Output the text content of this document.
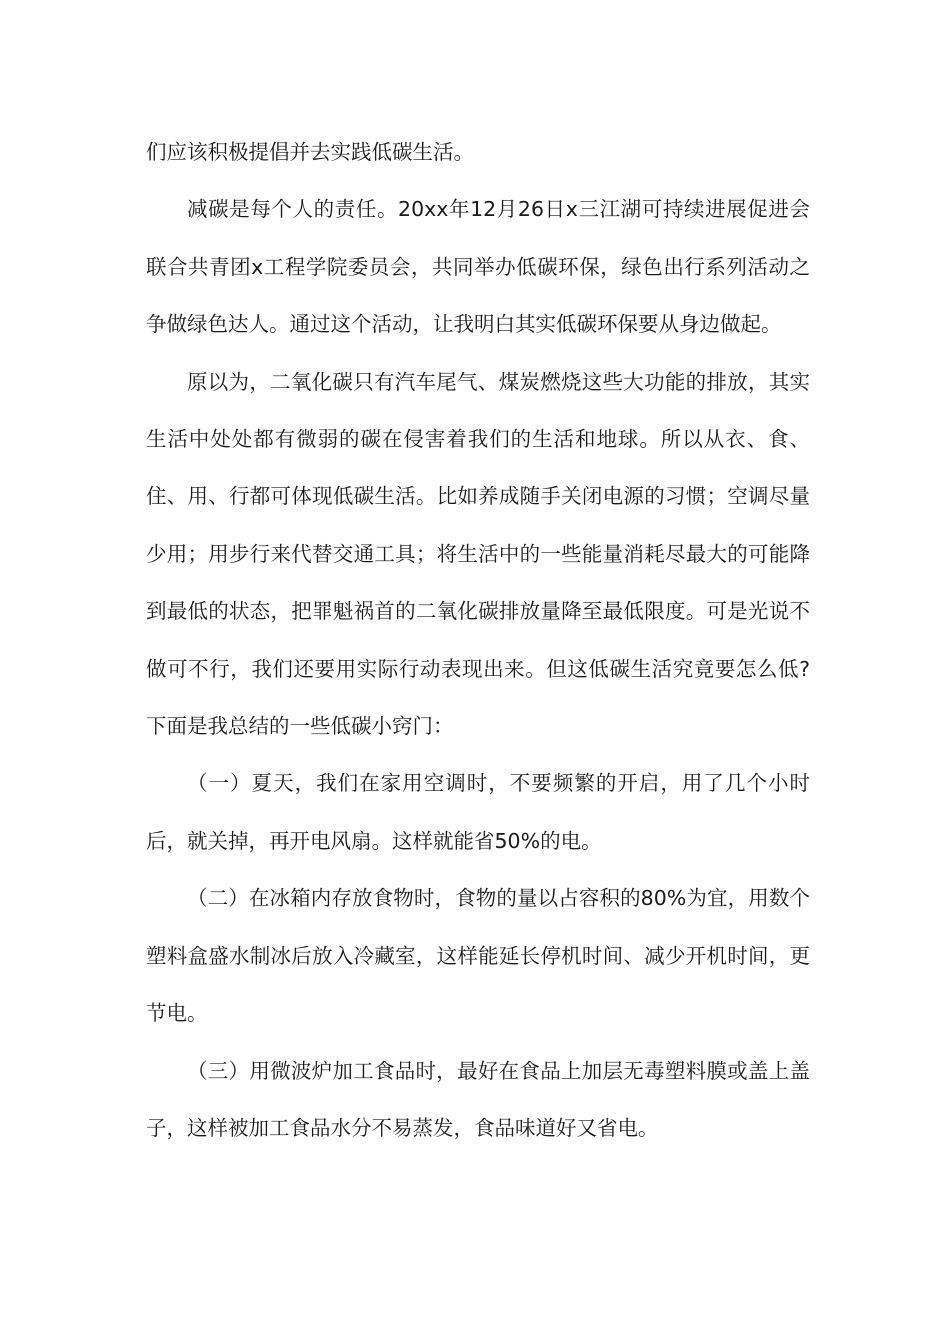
们应该积极提倡并去实践低碳生活。

减碳是每个人的责任。20xx年12月26日x三江湖可持续进展促进会联合共青团x工程学院委员会，共同举办低碳环保，绿色出行系列活动之争做绿色达人。通过这个活动，让我明白其实低碳环保要从身边做起。

原以为，二氧化碳只有汽车尾气、煤炭燃烧这些大功能的排放，其实生活中处处都有微弱的碳在侵害着我们的生活和地球。所以从衣、食、住、用、行都可体现低碳生活。比如养成随手关闭电源的习惯；空调尽量少用；用步行来代替交通工具；将生活中的一些能量消耗尽最大的可能降到最低的状态，把罪魁祸首的二氧化碳排放量降至最低限度。可是光说不做可不行，我们还要用实际行动表现出来。但这低碳生活究竟要怎么低?下面是我总结的一些低碳小窍门：

（一）夏天，我们在家用空调时，不要频繁的开启，用了几个小时后，就关掉，再开电风扇。这样就能省50%的电。

（二）在冰箱内存放食物时，食物的量以占容积的80%为宜，用数个塑料盒盛水制冰后放入冷藏室，这样能延长停机时间、减少开机时间，更节电。

（三）用微波炉加工食品时，最好在食品上加层无毒塑料膜或盖上盖子，这样被加工食品水分不易蒸发，食品味道好又省电。
